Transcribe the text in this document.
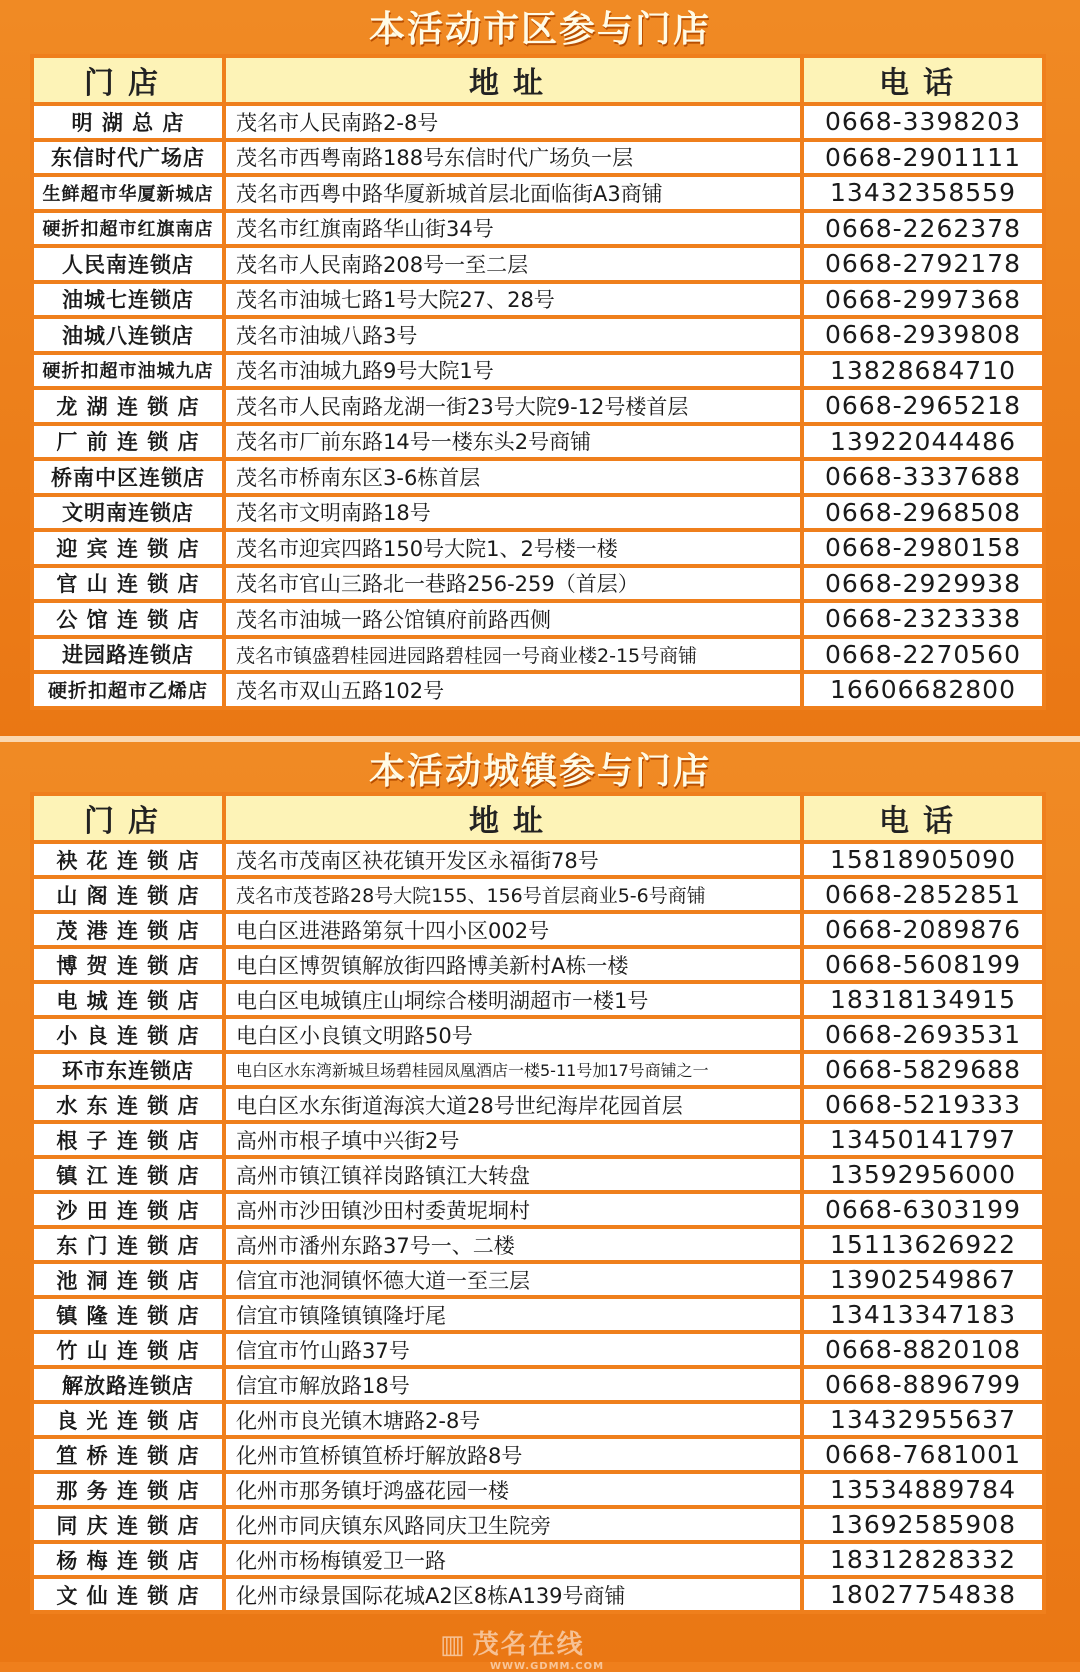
本活动市区参与门店
门店	地址	电话
明 湖 总 店	茂名市人民南路2-8号	0668-3398203
东信时代广场店	茂名市西粤南路188号东信时代广场负一层	0668-2901111
生鲜超市华厦新城店	茂名市西粤中路华厦新城首层北面临街A3商铺	13432358559
硬折扣超市红旗南店	茂名市红旗南路华山街34号	0668-2262378
人民南连锁店	茂名市人民南路208号一至二层	0668-2792178
油城七连锁店	茂名市油城七路1号大院27、28号	0668-2997368
油城八连锁店	茂名市油城八路3号	0668-2939808
硬折扣超市油城九店	茂名市油城九路9号大院1号	13828684710
龙 湖 连 锁 店	茂名市人民南路龙湖一街23号大院9-12号楼首层	0668-2965218
厂 前 连 锁 店	茂名市厂前东路14号一楼东头2号商铺	13922044486
桥南中区连锁店	茂名市桥南东区3-6栋首层	0668-3337688
文明南连锁店	茂名市文明南路18号	0668-2968508
迎 宾 连 锁 店	茂名市迎宾四路150号大院1、2号楼一楼	0668-2980158
官 山 连 锁 店	茂名市官山三路北一巷路256-259（首层）	0668-2929938
公 馆 连 锁 店	茂名市油城一路公馆镇府前路西侧	0668-2323338
进园路连锁店	茂名市镇盛碧桂园进园路碧桂园一号商业楼2-15号商铺	0668-2270560
硬折扣超市乙烯店	茂名市双山五路102号	16606682800
本活动城镇参与门店
门店	地址	电话
袂 花 连 锁 店	茂名市茂南区袂花镇开发区永福街78号	15818905090
山 阁 连 锁 店	茂名市茂苍路28号大院155、156号首层商业5-6号商铺	0668-2852851
茂 港 连 锁 店	电白区进港路第氛十四小区002号	0668-2089876
博 贺 连 锁 店	电白区博贺镇解放街四路博美新村A栋一楼	0668-5608199
电 城 连 锁 店	电白区电城镇庄山垌综合楼明湖超市一楼1号	18318134915
小 良 连 锁 店	电白区小良镇文明路50号	0668-2693531
环市东连锁店	电白区水东湾新城旦场碧桂园凤凰酒店一楼5-11号加17号商铺之一	0668-5829688
水 东 连 锁 店	电白区水东街道海滨大道28号世纪海岸花园首层	0668-5219333
根 子 连 锁 店	高州市根子填中兴街2号	13450141797
镇 江 连 锁 店	高州市镇江镇祥岗路镇江大转盘	13592956000
沙 田 连 锁 店	高州市沙田镇沙田村委黄坭垌村	0668-6303199
东 门 连 锁 店	高州市潘州东路37号一、二楼	15113626922
池 洞 连 锁 店	信宜市池洞镇怀德大道一至三层	13902549867
镇 隆 连 锁 店	信宜市镇隆镇镇隆圩尾	13413347183
竹 山 连 锁 店	信宜市竹山路37号	0668-8820108
解放路连锁店	信宜市解放路18号	0668-8896799
良 光 连 锁 店	化州市良光镇木塘路2-8号	13432955637
笪 桥 连 锁 店	化州市笪桥镇笪桥圩解放路8号	0668-7681001
那 务 连 锁 店	化州市那务镇圩鸿盛花园一楼	13534889784
同 庆 连 锁 店	化州市同庆镇东风路同庆卫生院旁	13692585908
杨 梅 连 锁 店	化州市杨梅镇爱卫一路	18312828332
文 仙 连 锁 店	化州市绿景国际花城A2区8栋A139号商铺	18027754838
▥ 茂名在线
WWW.GDMM.COM
